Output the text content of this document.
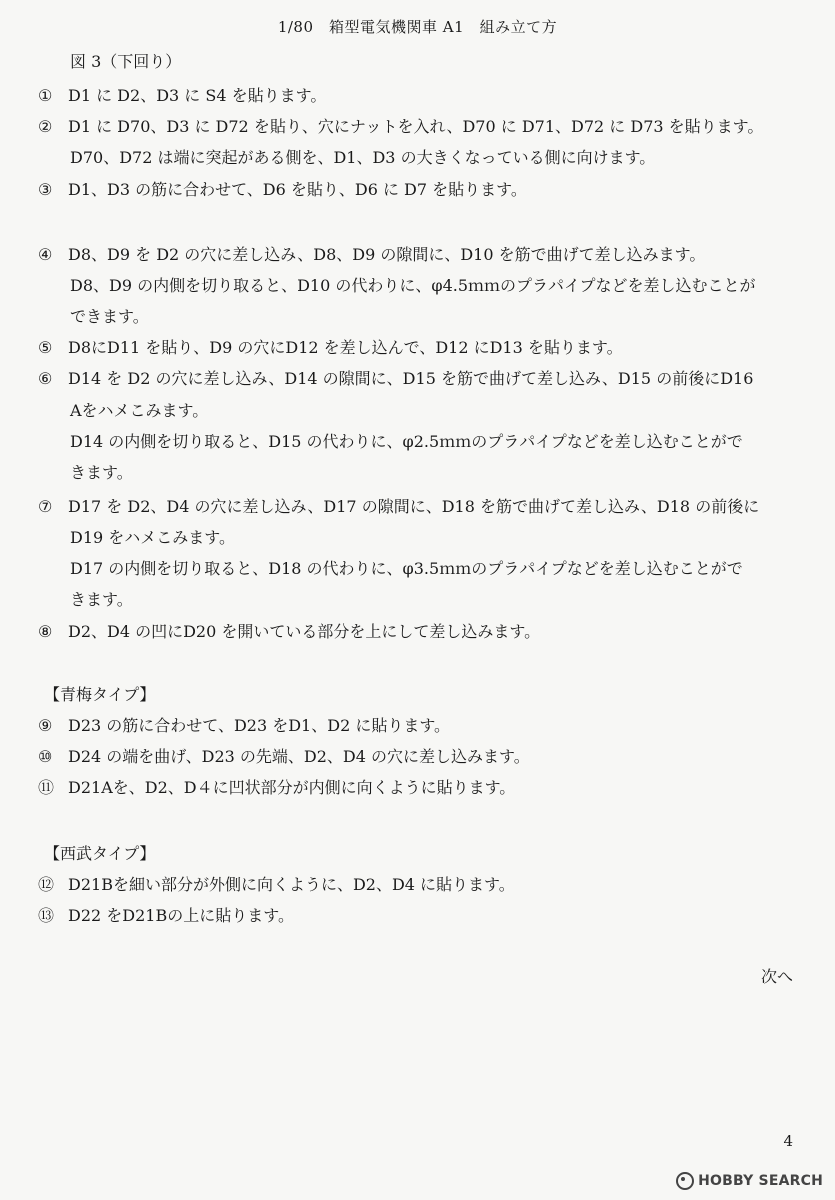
1/80　箱型電気機関車 A1　組み立て方
図 3（下回り）
① D1 に D2、D3 に S4 を貼ります。
② D1 に D70、D3 に D72 を貼り、穴にナットを入れ、D70 に D71、D72 に D73 を貼ります。
D70、D72 は端に突起がある側を、D1、D3 の大きくなっている側に向けます。
③ D1、D3 の筋に合わせて、D6 を貼り、D6 に D7 を貼ります。
④ D8、D9 を D2 の穴に差し込み、D8、D9 の隙間に、D10 を筋で曲げて差し込みます。
D8、D9 の内側を切り取ると、D10 の代わりに、φ4.5ｍｍのプラパイプなどを差し込むことが
できます。
⑤ D8にD11 を貼り、D9 の穴にD12 を差し込んで、D12 にD13 を貼ります。
⑥ D14 を D2 の穴に差し込み、D14 の隙間に、D15 を筋で曲げて差し込み、D15 の前後にD16
Aをハメこみます。
D14 の内側を切り取ると、D15 の代わりに、φ2.5ｍｍのプラパイプなどを差し込むことがで
きます。
⑦ D17 を D2、D4 の穴に差し込み、D17 の隙間に、D18 を筋で曲げて差し込み、D18 の前後に
D19 をハメこみます。
D17 の内側を切り取ると、D18 の代わりに、φ3.5ｍｍのプラパイプなどを差し込むことがで
きます。
⑧ D2、D4 の凹にD20 を開いている部分を上にして差し込みます。
【青梅タイプ】
⑨ D23 の筋に合わせて、D23 をD1、D2 に貼ります。
⑩ D24 の端を曲げ、D23 の先端、D2、D4 の穴に差し込みます。
⑪ D21Aを、D2、D４に凹状部分が内側に向くように貼ります。
【西武タイプ】
⑫ D21Bを細い部分が外側に向くように、D2、D4 に貼ります。
⑬ D22 をD21Bの上に貼ります。
次へ
4
HOBBY SEARCH
